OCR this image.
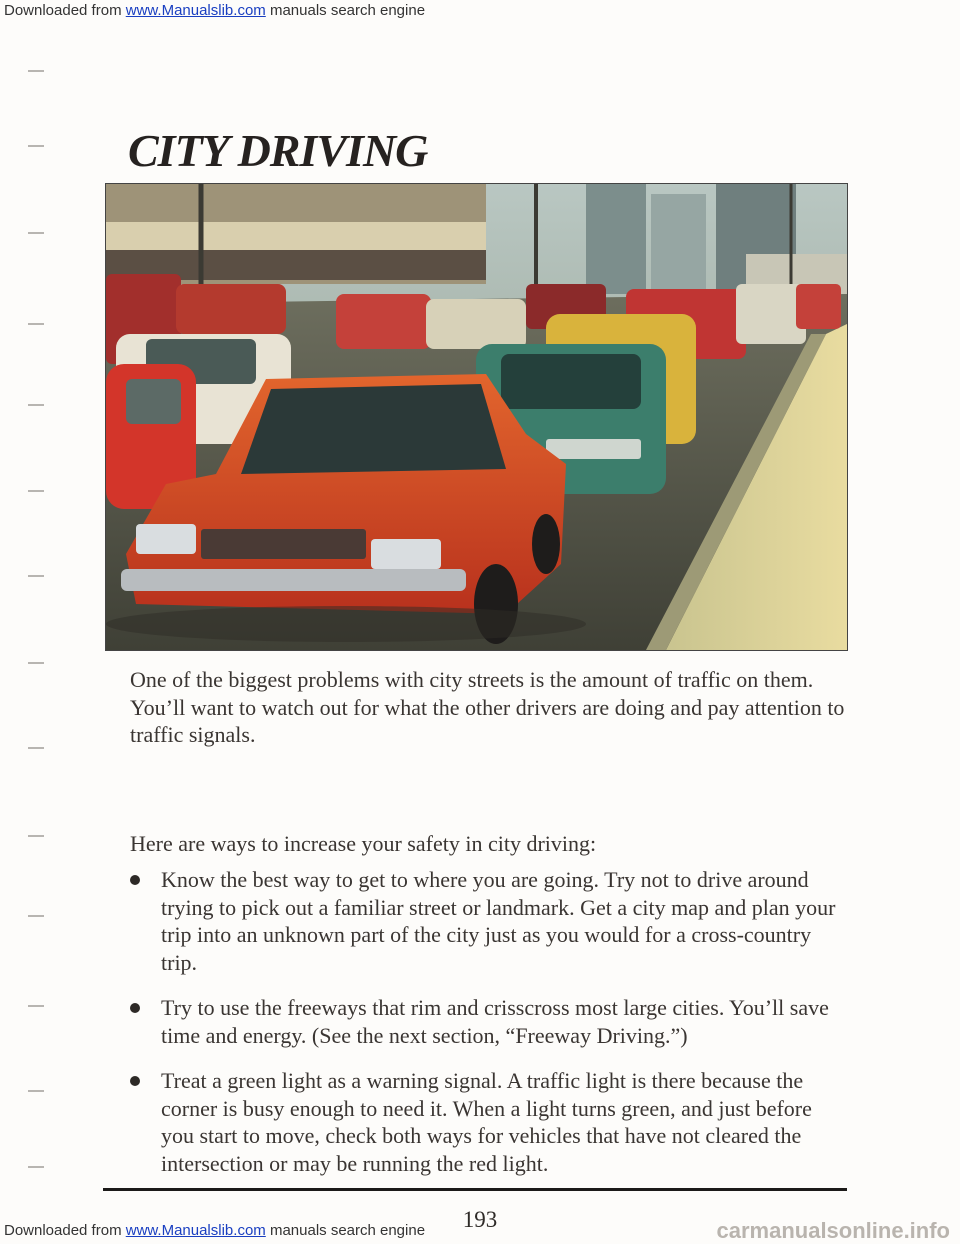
Downloaded from www.Manualslib.com manuals search engine
CITY DRIVING

One of the biggest problems with city streets is the amount of traffic on them. You’ll want to watch out for what the other drivers are doing and pay attention to traffic signals.

Here are ways to increase your safety in city driving:

Know the best way to get to where you are going. Try not to drive around trying to pick out a familiar street or landmark. Get a city map and plan your trip into an unknown part of the city just as you would for a cross-country trip.
Try to use the freeways that rim and crisscross most large cities. You’ll save time and energy. (See the next section, “Freeway Driving.”)
Treat a green light as a warning signal. A traffic light is there because the corner is busy enough to need it. When a light turns green, and just before you start to move, check both ways for vehicles that have not cleared the intersection or may be running the red light.
193
Downloaded from www.Manualslib.com manuals search engine	carmanualsonline.info
